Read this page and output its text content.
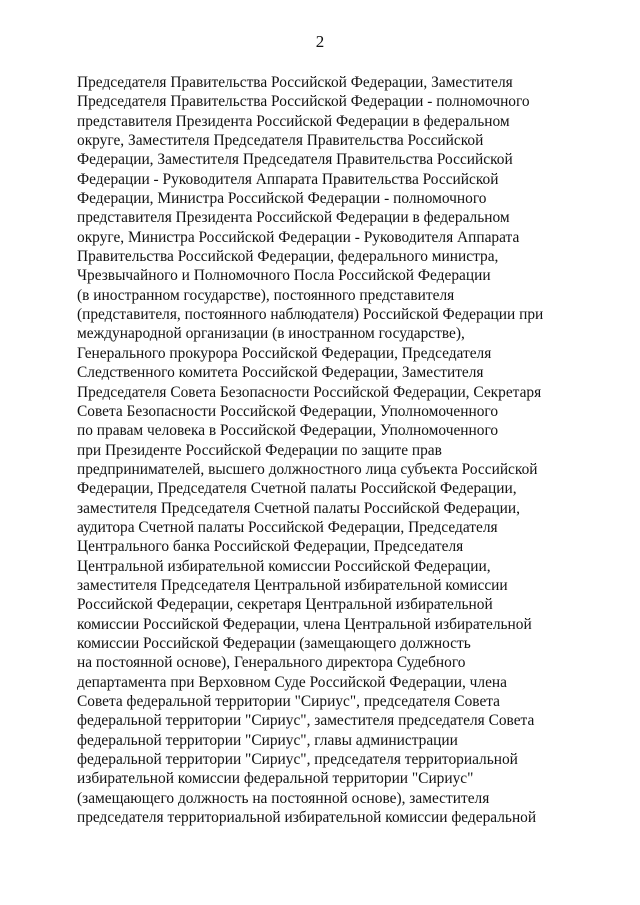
2
Председателя Правительства Российской Федерации, Заместителя
Председателя Правительства Российской Федерации - полномочного
представителя Президента Российской Федерации в федеральном
округе, Заместителя Председателя Правительства Российской
Федерации, Заместителя Председателя Правительства Российской
Федерации - Руководителя Аппарата Правительства Российской
Федерации, Министра Российской Федерации - полномочного
представителя Президента Российской Федерации в федеральном
округе, Министра Российской Федерации - Руководителя Аппарата
Правительства Российской Федерации, федерального министра,
Чрезвычайного и Полномочного Посла Российской Федерации
(в иностранном государстве), постоянного представителя
(представителя, постоянного наблюдателя) Российской Федерации при
международной организации (в иностранном государстве),
Генерального прокурора Российской Федерации, Председателя
Следственного комитета Российской Федерации, Заместителя
Председателя Совета Безопасности Российской Федерации, Секретаря
Совета Безопасности Российской Федерации, Уполномоченного
по правам человека в Российской Федерации, Уполномоченного
при Президенте Российской Федерации по защите прав
предпринимателей, высшего должностного лица субъекта Российской
Федерации, Председателя Счетной палаты Российской Федерации,
заместителя Председателя Счетной палаты Российской Федерации,
аудитора Счетной палаты Российской Федерации, Председателя
Центрального банка Российской Федерации, Председателя
Центральной избирательной комиссии Российской Федерации,
заместителя Председателя Центральной избирательной комиссии
Российской Федерации, секретаря Центральной избирательной
комиссии Российской Федерации, члена Центральной избирательной
комиссии Российской Федерации (замещающего должность
на постоянной основе), Генерального директора Судебного
департамента при Верховном Суде Российской Федерации, члена
Совета федеральной территории "Сириус", председателя Совета
федеральной территории "Сириус", заместителя председателя Совета
федеральной территории "Сириус", главы администрации
федеральной территории "Сириус", председателя территориальной
избирательной комиссии федеральной территории "Сириус"
(замещающего должность на постоянной основе), заместителя
председателя территориальной избирательной комиссии федеральной
